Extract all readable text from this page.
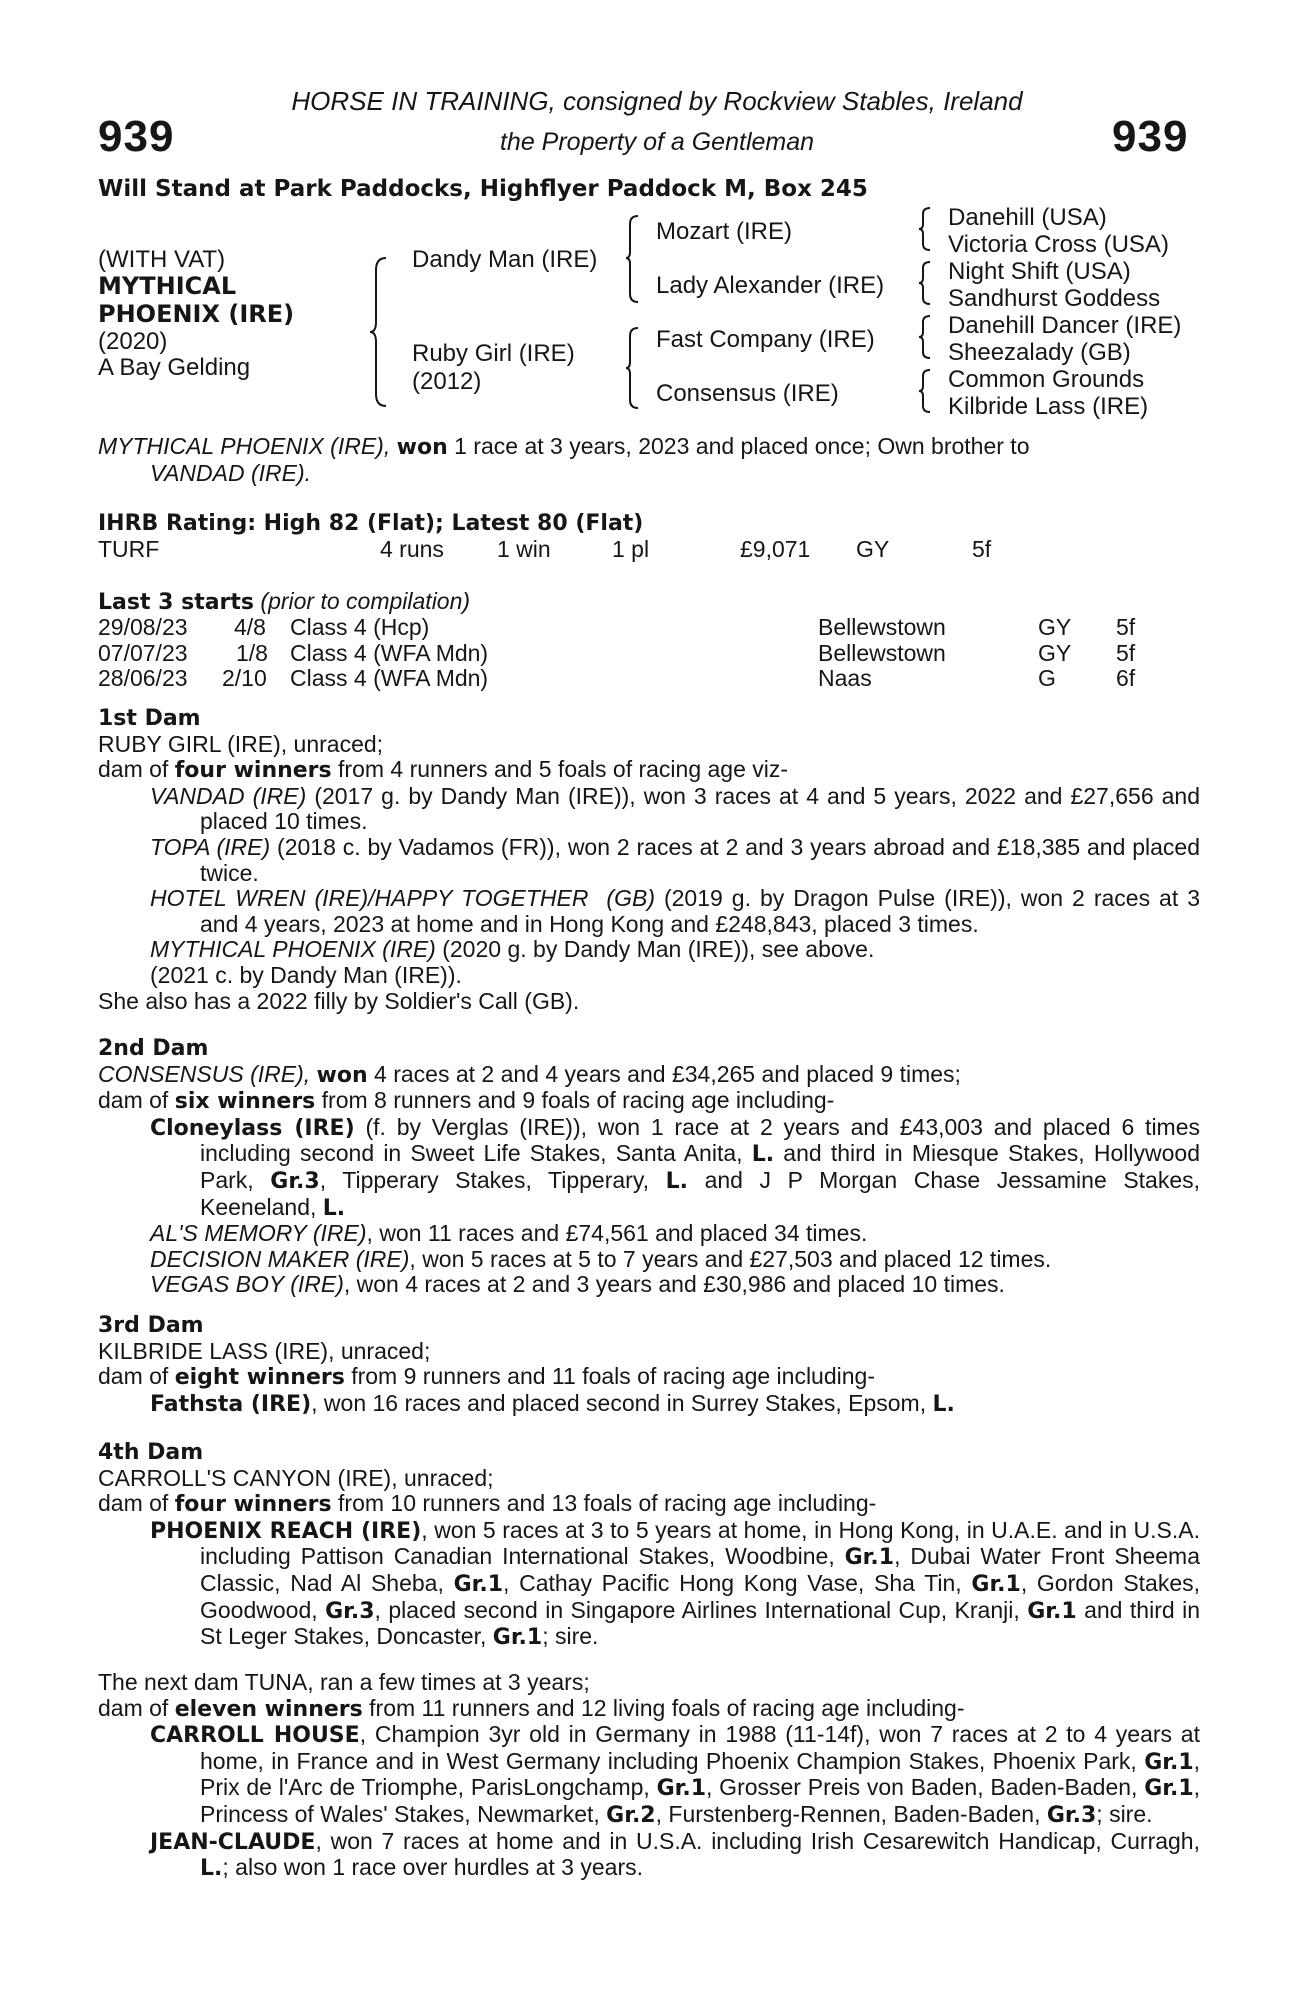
939	939
HORSE IN TRAINING, consigned by Rockview Stables, Ireland
the Property of a Gentleman
Will Stand at Park Paddocks, Highflyer Paddock M, Box 245
(WITH VAT)
MYTHICAL
PHOENIX (IRE)
(2020)
A Bay Gelding
Dandy Man (IRE)
Ruby Girl (IRE)
(2012)
Mozart (IRE)
Lady Alexander (IRE)
Fast Company (IRE)
Consensus (IRE)
Danehill (USA)
Victoria Cross (USA)
Night Shift (USA)
Sandhurst Goddess
Danehill Dancer (IRE)
Sheezalady (GB)
Common Grounds
Kilbride Lass (IRE)
MYTHICAL PHOENIX (IRE), won 1 race at 3 years, 2023 and placed once; Own brother to
VANDAD (IRE).
IHRB Rating: High 82 (Flat); Latest 80 (Flat)
TURF	4 runs 1 win	1 pl	£9,071 GY	5f
Last 3 starts (prior to compilation)
29/08/23 4/8 Class 4 (Hcp)	Bellewstown	GY 5f
07/07/23 1/8 Class 4 (WFA Mdn)	Bellewstown	GY 5f
28/06/23 2/10 Class 4 (WFA Mdn)	Naas	G	6f
1st Dam
RUBY GIRL (IRE), unraced;
dam of four winners from 4 runners and 5 foals of racing age viz-
VANDAD (IRE) (2017 g. by Dandy Man (IRE)), won 3 races at 4 and 5 years, 2022 and £27,656 and placed 10 times.
TOPA (IRE) (2018 c. by Vadamos (FR)), won 2 races at 2 and 3 years abroad and £18,385 and placed twice.
HOTEL WREN (IRE)/HAPPY TOGETHER  (GB) (2019 g. by Dragon Pulse (IRE)), won 2 races at 3 and 4 years, 2023 at home and in Hong Kong and £248,843, placed 3 times.
MYTHICAL PHOENIX (IRE) (2020 g. by Dandy Man (IRE)), see above.
(2021 c. by Dandy Man (IRE)).
She also has a 2022 filly by Soldier's Call (GB).
2nd Dam
CONSENSUS (IRE), won 4 races at 2 and 4 years and £34,265 and placed 9 times;
dam of six winners from 8 runners and 9 foals of racing age including-
Cloneylass (IRE) (f. by Verglas (IRE)), won 1 race at 2 years and £43,003 and placed 6 times including second in Sweet Life Stakes, Santa Anita, L. and third in Miesque Stakes, Hollywood Park, Gr.3, Tipperary Stakes, Tipperary, L. and J P Morgan Chase Jessamine Stakes, Keeneland, L.
AL'S MEMORY (IRE), won 11 races and £74,561 and placed 34 times.
DECISION MAKER (IRE), won 5 races at 5 to 7 years and £27,503 and placed 12 times.
VEGAS BOY (IRE), won 4 races at 2 and 3 years and £30,986 and placed 10 times.
3rd Dam
KILBRIDE LASS (IRE), unraced;
dam of eight winners from 9 runners and 11 foals of racing age including-
Fathsta (IRE), won 16 races and placed second in Surrey Stakes, Epsom, L.
4th Dam
CARROLL'S CANYON (IRE), unraced;
dam of four winners from 10 runners and 13 foals of racing age including-
PHOENIX REACH (IRE), won 5 races at 3 to 5 years at home, in Hong Kong, in U.A.E. and in U.S.A. including Pattison Canadian International Stakes, Woodbine, Gr.1, Dubai Water Front Sheema Classic, Nad Al Sheba, Gr.1, Cathay Pacific Hong Kong Vase, Sha Tin, Gr.1, Gordon Stakes, Goodwood, Gr.3, placed second in Singapore Airlines International Cup, Kranji, Gr.1 and third in St Leger Stakes, Doncaster, Gr.1; sire.
The next dam TUNA, ran a few times at 3 years;
dam of eleven winners from 11 runners and 12 living foals of racing age including-
CARROLL HOUSE, Champion 3yr old in Germany in 1988 (11-14f), won 7 races at 2 to 4 years at home, in France and in West Germany including Phoenix Champion Stakes, Phoenix Park, Gr.1, Prix de l'Arc de Triomphe, ParisLongchamp, Gr.1, Grosser Preis von Baden, Baden-Baden, Gr.1, Princess of Wales' Stakes, Newmarket, Gr.2, Furstenberg-Rennen, Baden-Baden, Gr.3; sire.
JEAN-CLAUDE, won 7 races at home and in U.S.A. including Irish Cesarewitch Handicap, Curragh, L.; also won 1 race over hurdles at 3 years.
